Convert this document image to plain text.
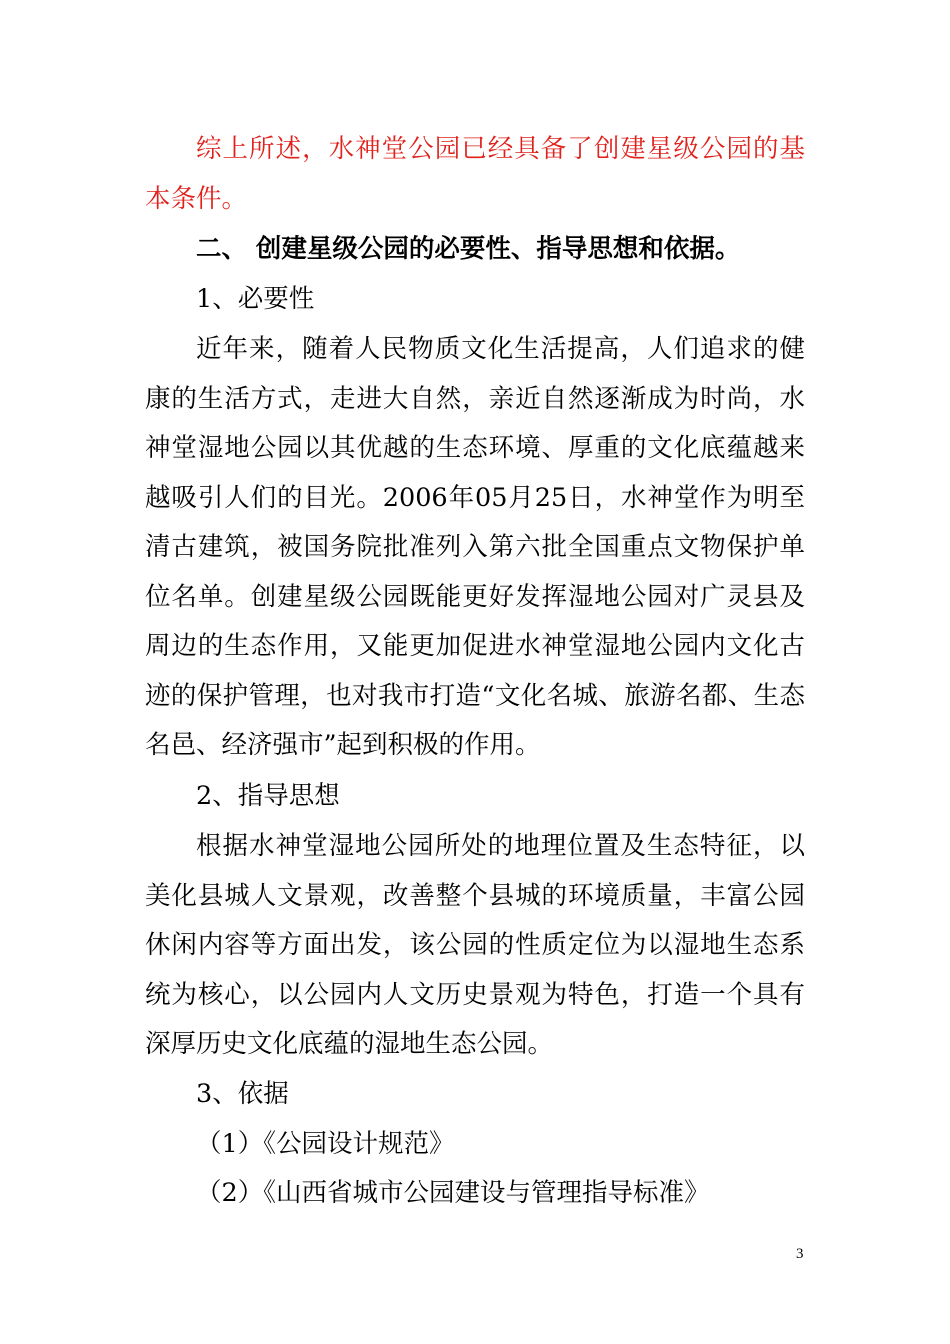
综上所述，水神堂公园已经具备了创建星级公园的基本条件。

二、 创建星级公园的必要性、指导思想和依据。

1、必要性

近年来，随着人民物质文化生活提高，人们追求的健康的生活方式，走进大自然，亲近自然逐渐成为时尚，水神堂湿地公园以其优越的生态环境、厚重的文化底蕴越来越吸引人们的目光。2006年05月25日，水神堂作为明至清古建筑，被国务院批准列入第六批全国重点文物保护单位名单。创建星级公园既能更好发挥湿地公园对广灵县及周边的生态作用，又能更加促进水神堂湿地公园内文化古迹的保护管理，也对我市打造“文化名城、旅游名都、生态名邑、经济强市”起到积极的作用。

2、指导思想

根据水神堂湿地公园所处的地理位置及生态特征，以美化县城人文景观，改善整个县城的环境质量，丰富公园休闲内容等方面出发，该公园的性质定位为以湿地生态系统为核心，以公园内人文历史景观为特色，打造一个具有深厚历史文化底蕴的湿地生态公园。

3、依据

（1）《公园设计规范》

（2）《山西省城市公园建设与管理指导标准》

3
